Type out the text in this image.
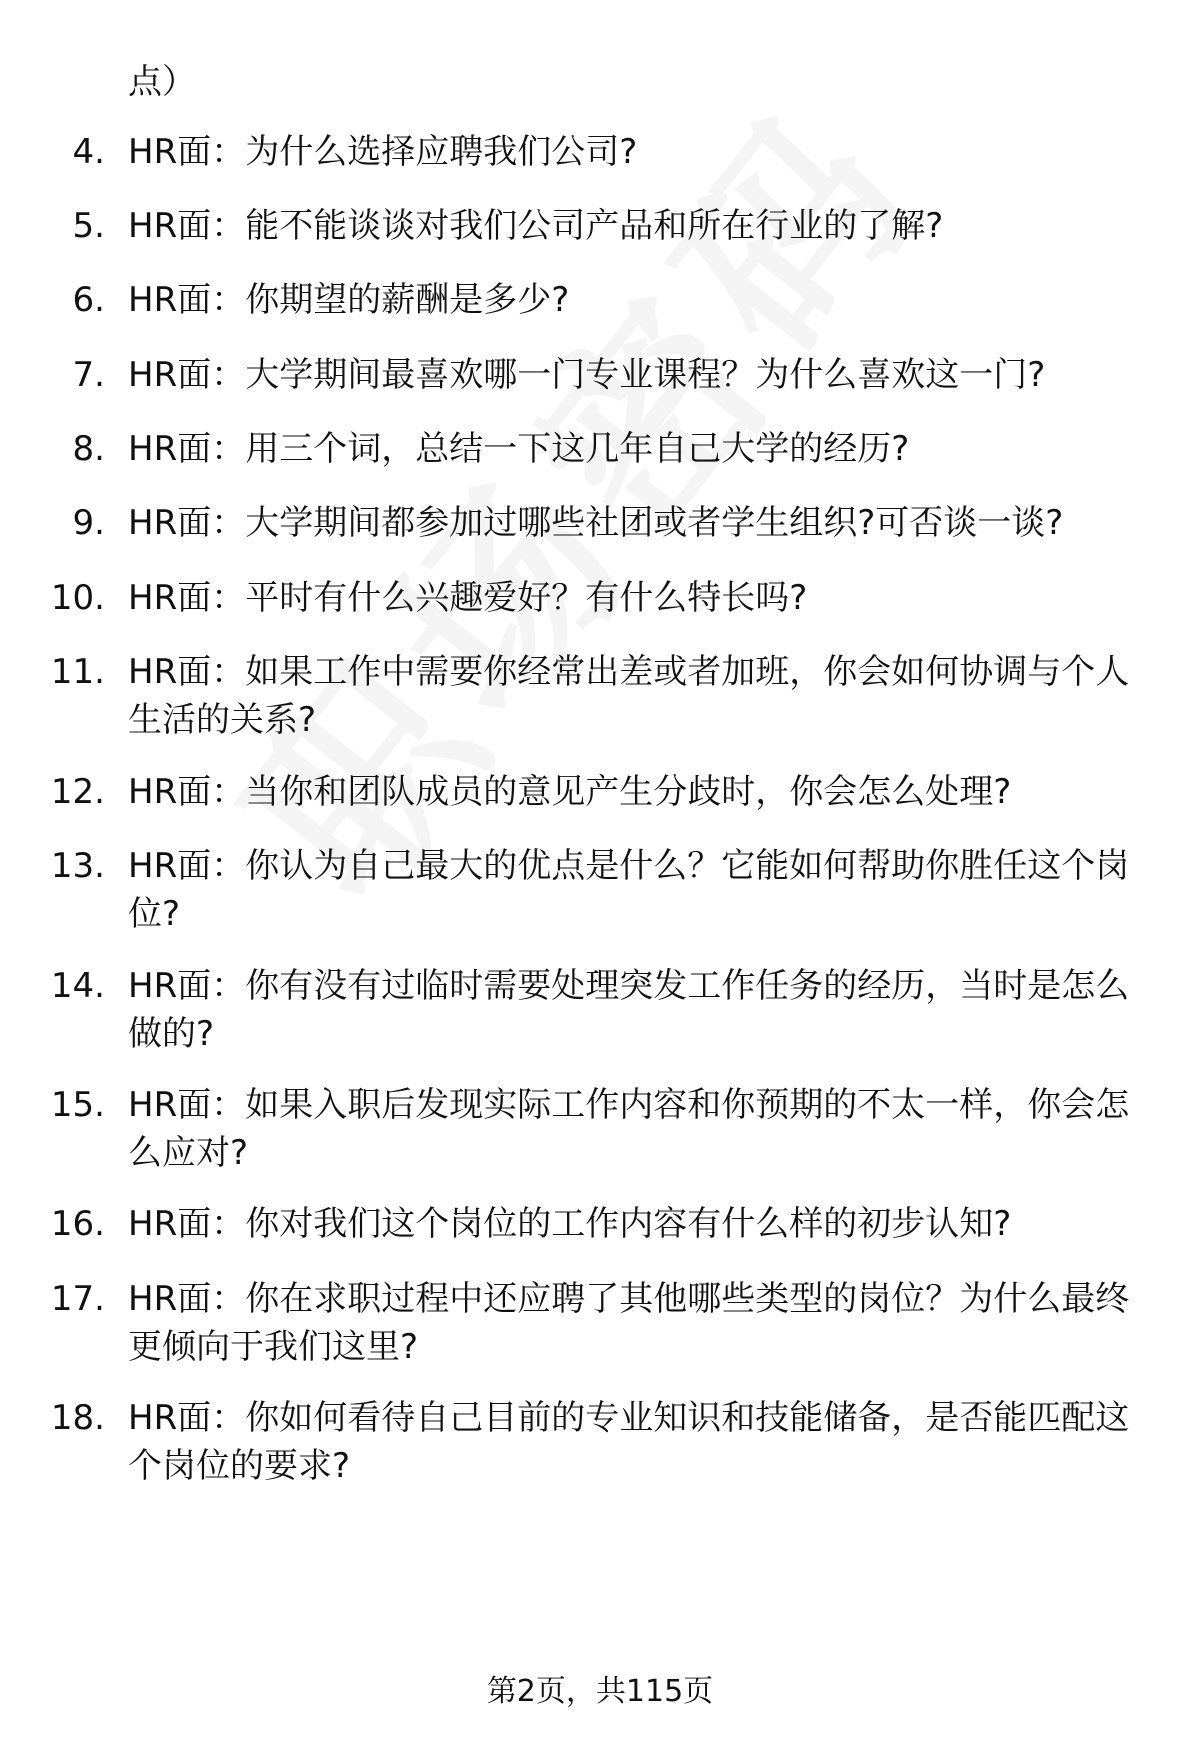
点）
4. HR面：为什么选择应聘我们公司?
5. HR面：能不能谈谈对我们公司产品和所在行业的了解?
6. HR面：你期望的薪酬是多少?
7. HR面：大学期间最喜欢哪一门专业课程？为什么喜欢这一门?
8. HR面：用三个词，总结一下这几年自己大学的经历?
9. HR面：大学期间都参加过哪些社团或者学生组织?可否谈一谈?
10. HR面：平时有什么兴趣爱好？有什么特长吗?
11. HR面：如果工作中需要你经常出差或者加班，你会如何协调与个人生活的关系?
12. HR面：当你和团队成员的意见产生分歧时，你会怎么处理?
13. HR面：你认为自己最大的优点是什么？它能如何帮助你胜任这个岗位?
14. HR面：你有没有过临时需要处理突发工作任务的经历，当时是怎么做的?
15. HR面：如果入职后发现实际工作内容和你预期的不太一样，你会怎么应对?
16. HR面：你对我们这个岗位的工作内容有什么样的初步认知?
17. HR面：你在求职过程中还应聘了其他哪些类型的岗位？为什么最终更倾向于我们这里?
18. HR面：你如何看待自己目前的专业知识和技能储备，是否能匹配这个岗位的要求?
第2页，共115页
